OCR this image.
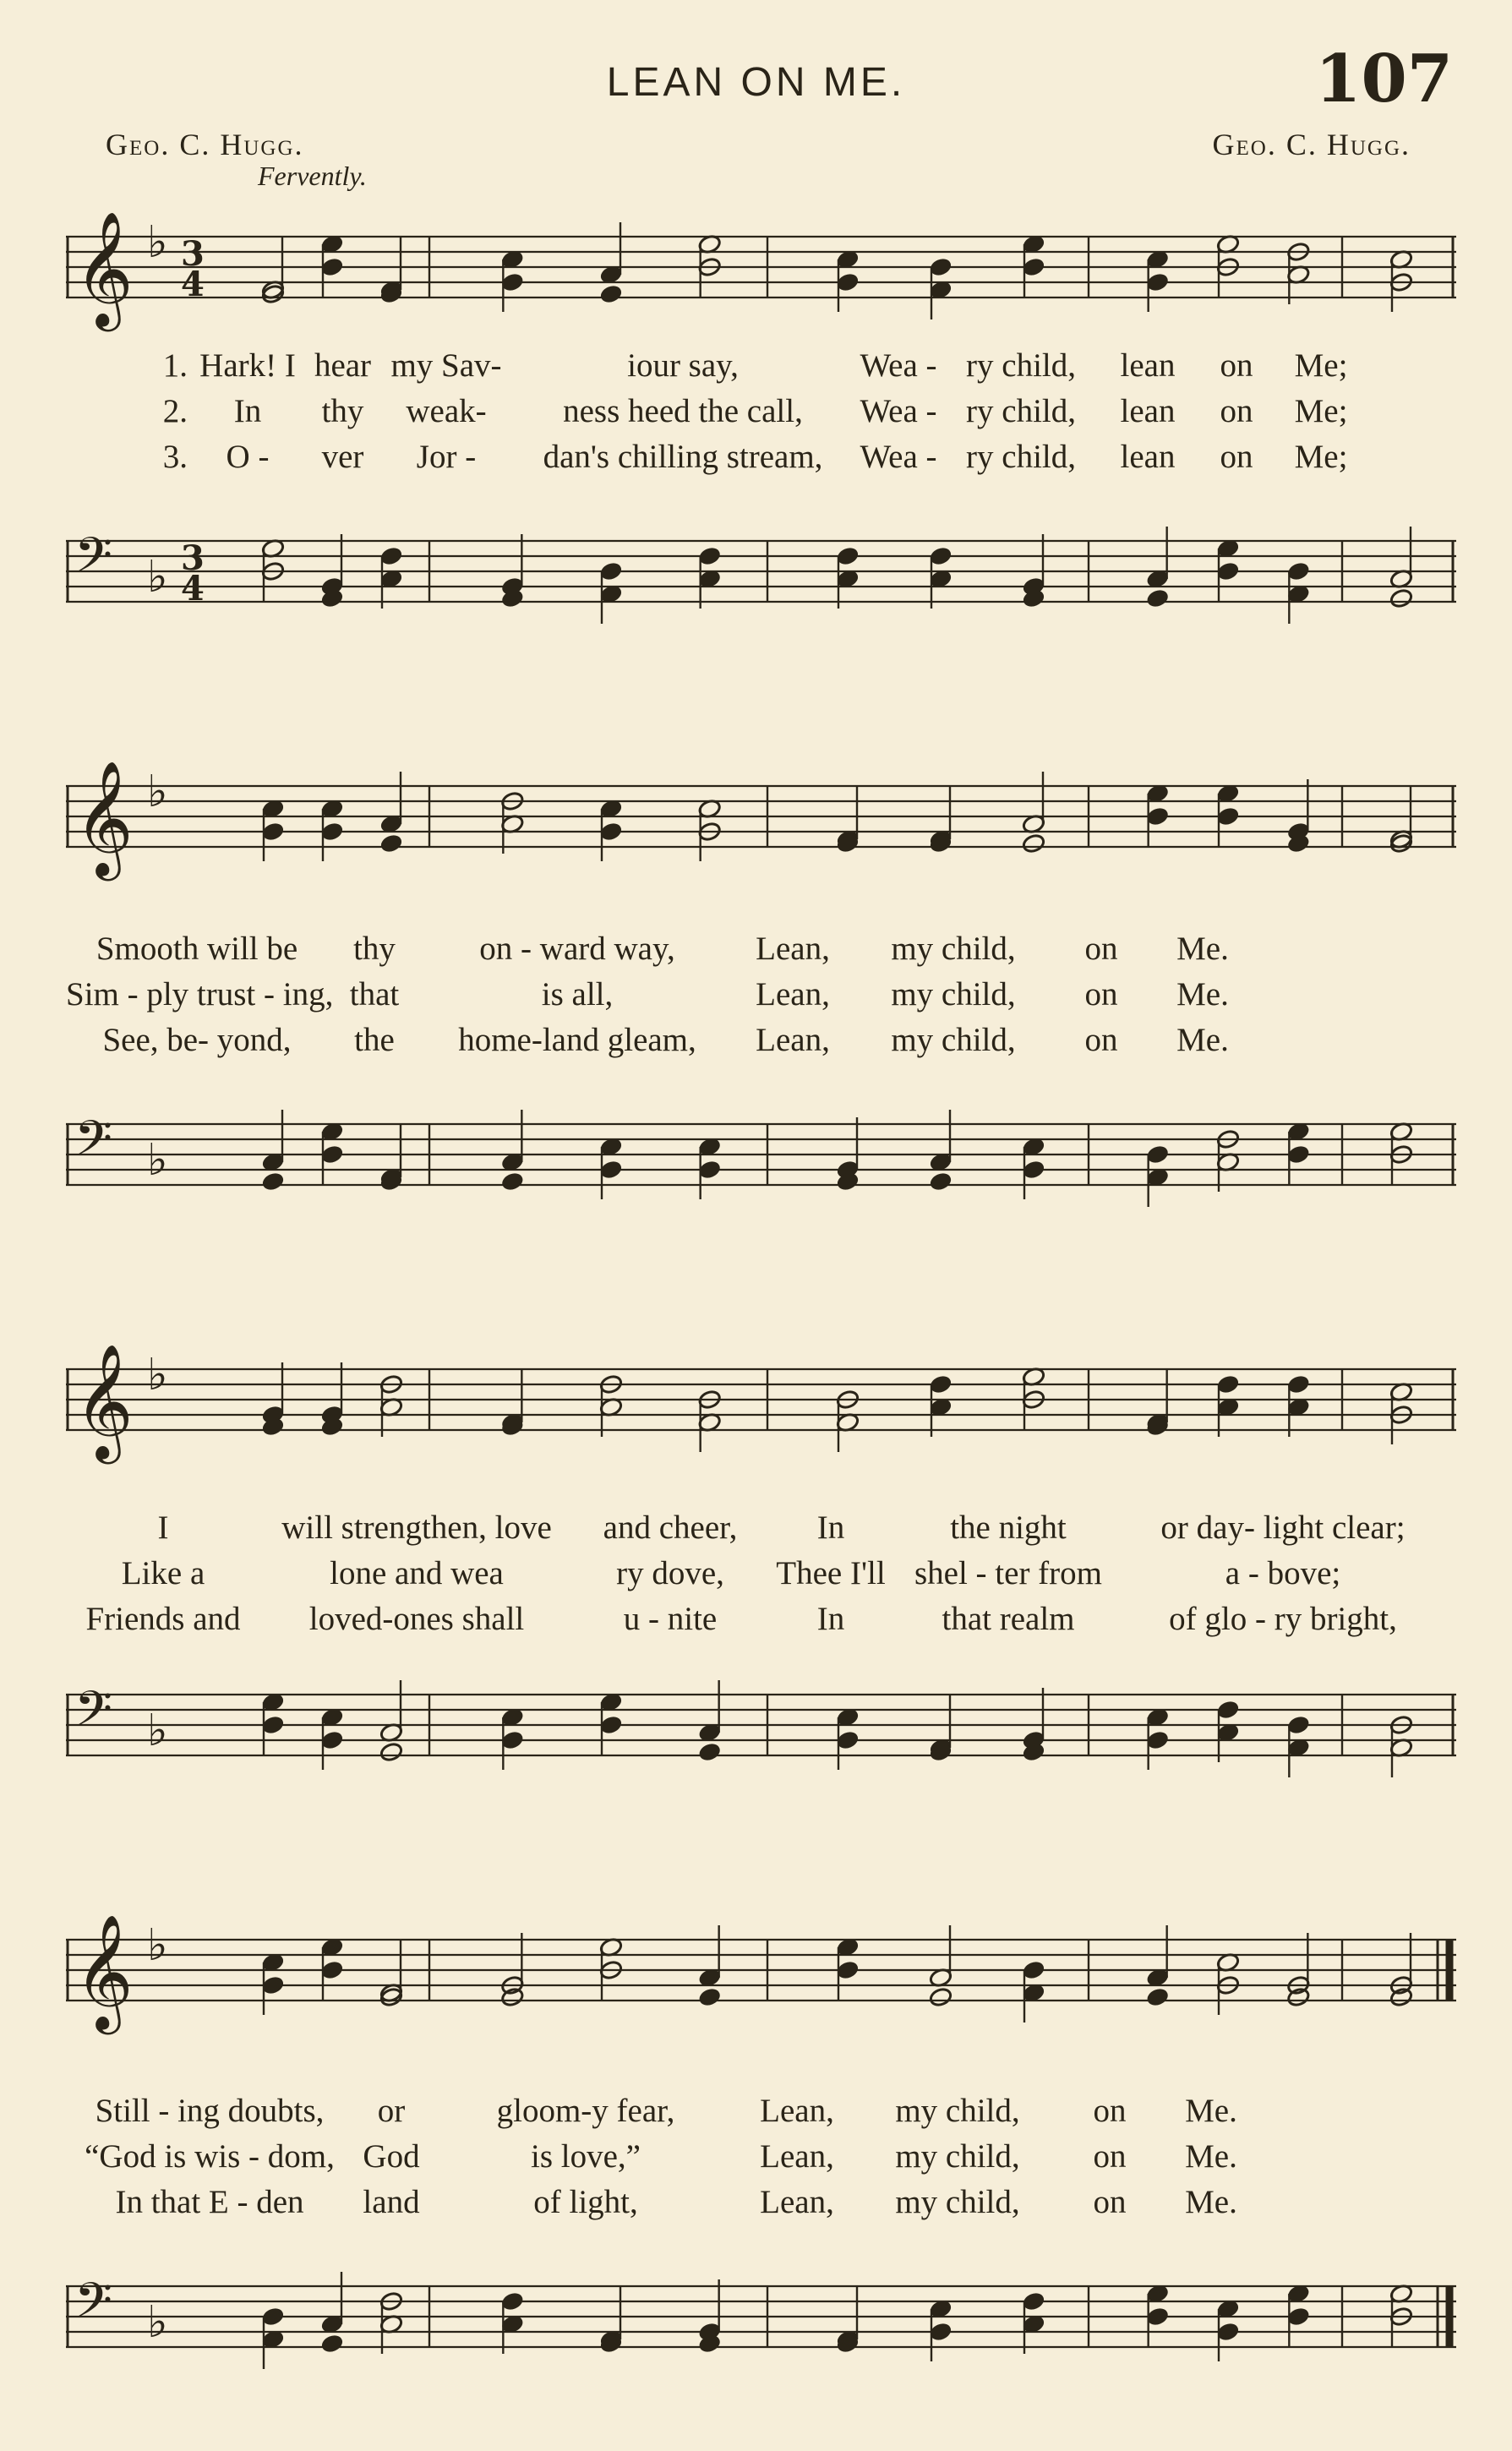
LEAN ON ME.	107
Geo. C. Hugg.	Geo. C. Hugg.
Fervently.
𝄞 ♭ 3
4
1. Hark! I hear my Sav-	iour say,	Wea - ry child,	lean	on	Me;
2.	In	thy	weak-	ness heed the call,	Wea - ry child,	lean	on	Me;
3.	O -	ver	Jor -	dan's chilling stream,	Wea - ry child,	lean	on	Me;
𝄢 ♭ 3
4
𝄞 ♭
Smooth will be	thy	on - ward way,	Lean,	my child,	on	Me.
Sim - ply trust - ing, that	is all,	Lean,	my child,	on	Me.
See, be- yond,	the	home-land gleam,	Lean,	my child,	on	Me.
𝄢 ♭
𝄞 ♭
I	will strengthen, love	and cheer,	In	the night	or day- light clear;
Like a	lone and wea	ry dove,	Thee I'll shel - ter from	a - bove;
Friends and	loved-ones shall	u - nite	In	that realm	of glo - ry bright,
𝄢 ♭
𝄞 ♭
Still - ing doubts,	or	gloom-y fear,	Lean,	my child,	on	Me.
“God is wis - dom, God	is love,”	Lean,	my child,	on	Me.
In that E - den	land	of light,	Lean,	my child,	on	Me.
𝄢 ♭
